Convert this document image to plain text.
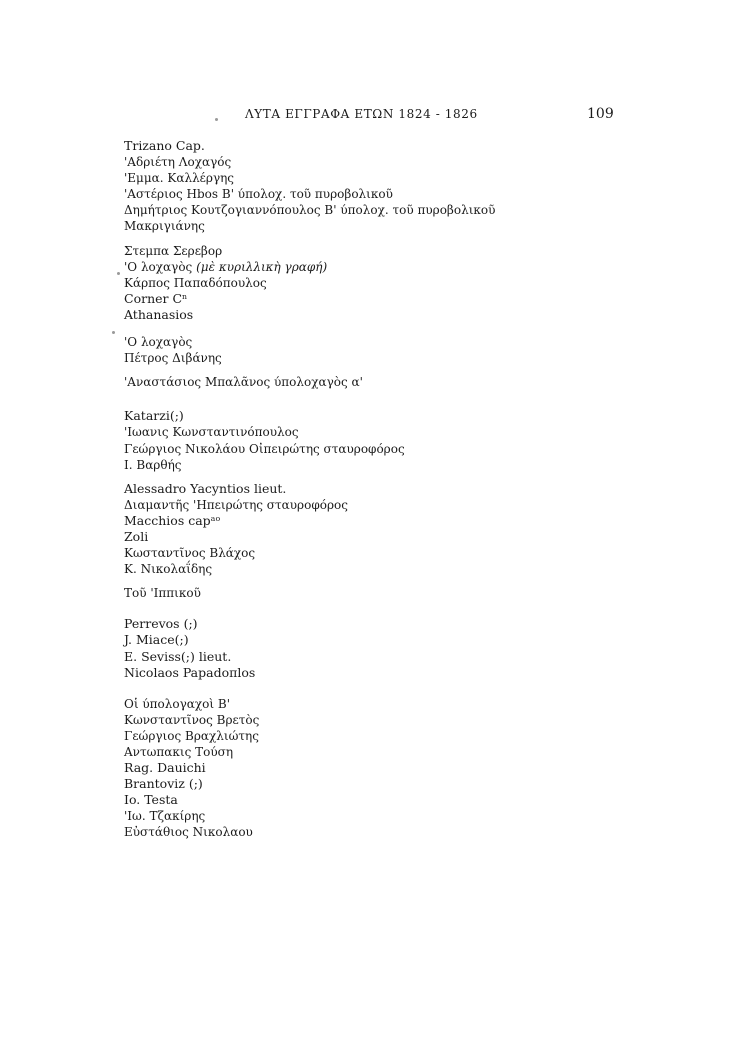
ΛΥΤΑ ΕΓΓΡΑΦΑ ΕΤΩΝ 1824 - 1826	109
Trizano Cap.
'Αδριέτη Λοχαγός
'Εμμα. Καλλέργης
'Αστέριος Hbos B' ύπολοχ. τοῦ πυροβολικοῦ
Δημήτριος Κουτζογιαννόπουλος B' ύπολοχ. τοῦ πυροβολικοῦ
Μακριγιάνης
Στεμπα Σερεβορ
'Ο λοχαγὸς (μὲ κυριλλικὴ γραφή)
Κάρπος Παπαδόπουλος
Corner Cⁿ
Athanasios
'Ο λοχαγὸς
Πέτρος Διβάνης
'Αναστάσιος Μπαλᾶνος ύπολοχαγὸς α'
Katarzi(;)
'Ιωανις Κωνσταντινόπουλος
Γεώργιος Νικολάου Οἰπειρώτης σταυροφόρος
I. Βαρθής
Alessadro Yacyntios lieut.
Διαμαντῆς 'Ηπειρώτης σταυροφόρος
Macchios capᵃᵒ
Zoli
Κωσταντῖνος Βλάχος
K. Νικολαΐδης
Τοῦ 'Ιππικοῦ
Perrevos (;)
J. Miace(;)
E. Seviss(;) lieut.
Nicolaos Papadoπlos
Οἱ ύπολογαχοὶ B'
Κωνσταντῖνος Βρετὸς
Γεώργιος Βραχλιώτης
Αντωπακις Τούση
Rag. Dauichi
Brantoviz (;)
Io. Testa
'Ιω. Τζακίρης
Εὐστάθιος Νικολαου
